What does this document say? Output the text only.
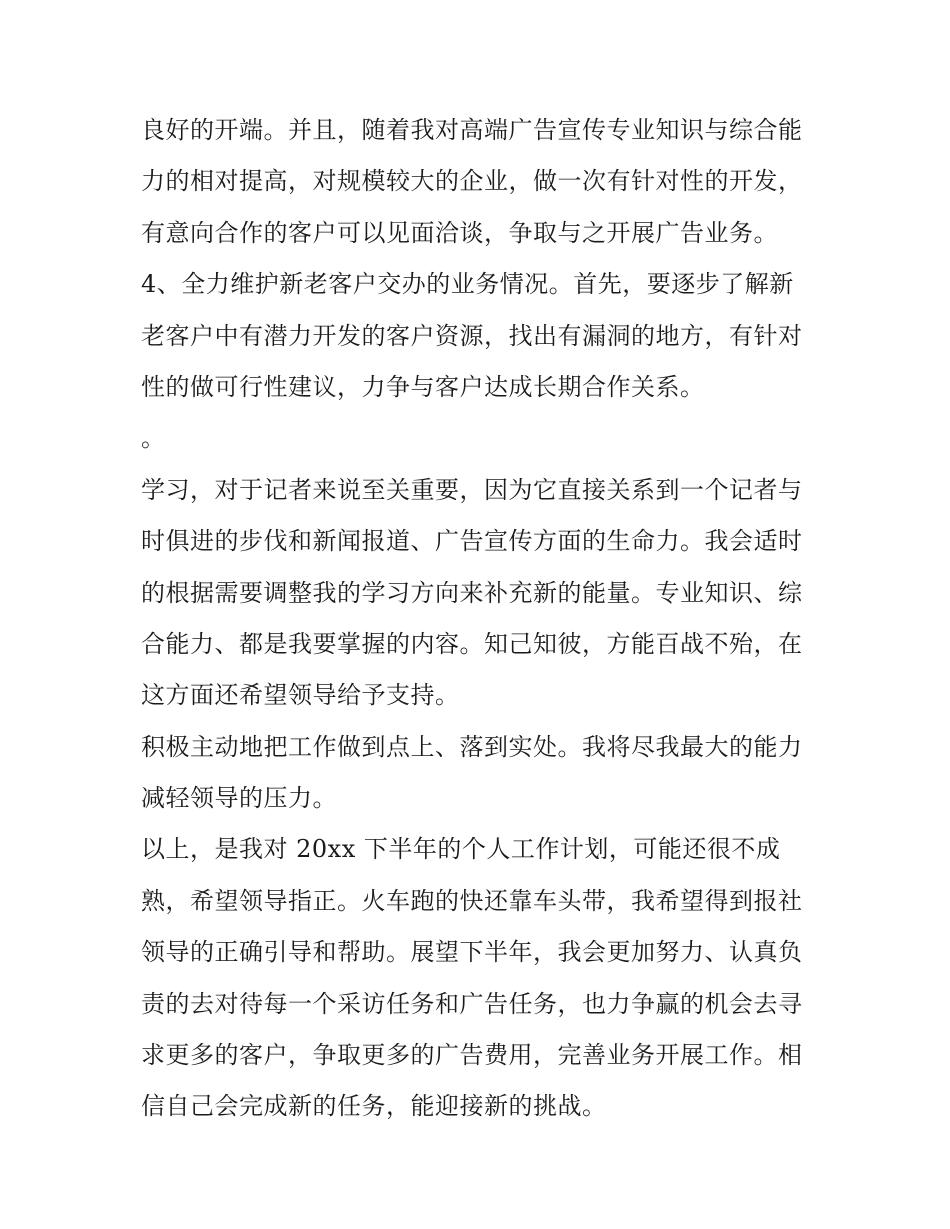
良好的开端。并且，随着我对高端广告宣传专业知识与综合能
力的相对提高，对规模较大的企业，做一次有针对性的开发，
有意向合作的客户可以见面洽谈，争取与之开展广告业务。
4、全力维护新老客户交办的业务情况。首先，要逐步了解新
老客户中有潜力开发的客户资源，找出有漏洞的地方，有针对
性的做可行性建议，力争与客户达成长期合作关系。
。
学习，对于记者来说至关重要，因为它直接关系到一个记者与
时俱进的步伐和新闻报道、广告宣传方面的生命力。我会适时
的根据需要调整我的学习方向来补充新的能量。专业知识、综
合能力、都是我要掌握的内容。知己知彼，方能百战不殆，在
这方面还希望领导给予支持。
积极主动地把工作做到点上、落到实处。我将尽我最大的能力
减轻领导的压力。
以上，是我对 20xx 下半年的个人工作计划，可能还很不成
熟，希望领导指正。火车跑的快还靠车头带，我希望得到报社
领导的正确引导和帮助。展望下半年，我会更加努力、认真负
责的去对待每一个采访任务和广告任务，也力争赢的机会去寻
求更多的客户，争取更多的广告费用，完善业务开展工作。相
信自己会完成新的任务，能迎接新的挑战。
